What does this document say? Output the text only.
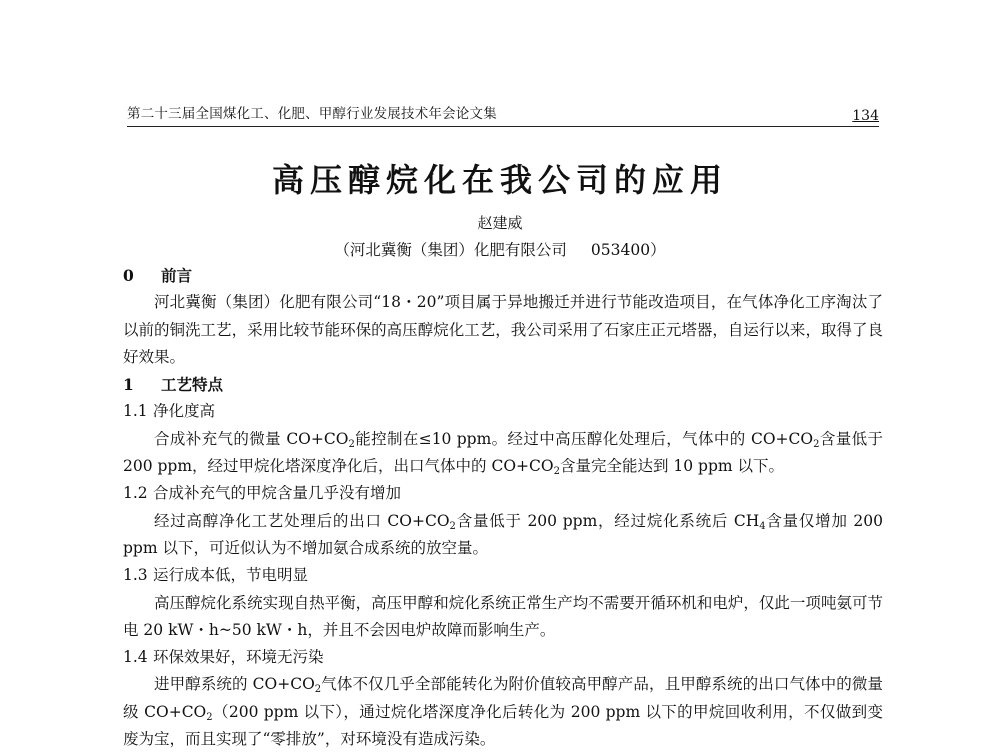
第二十三届全国煤化工、化肥、甲醇行业发展技术年会论文集	134
高压醇烷化在我公司的应用
赵建威
（河北冀衡（集团）化肥有限公司 053400）
0 前言
河北冀衡（集团）化肥有限公司“18・20”项目属于异地搬迁并进行节能改造项目，在气体净化工序淘汰了以前的铜洗工艺，采用比较节能环保的高压醇烷化工艺，我公司采用了石家庄正元塔器，自运行以来，取得了良好效果。
1 工艺特点
1.1 净化度高
合成补充气的微量 $CO+CO_2$能控制在≤10 ppm。经过中高压醇化处理后，气体中的 $CO+CO_2$含量低于 200 ppm，经过甲烷化塔深度净化后，出口气体中的 $CO+CO_2$含量完全能达到 10 ppm 以下。
1.2 合成补充气的甲烷含量几乎没有增加
经过高醇净化工艺处理后的出口 $CO+CO_2$含量低于 200 ppm，经过烷化系统后 $CH_4$含量仅增加 200 ppm 以下，可近似认为不增加氨合成系统的放空量。
1.3 运行成本低，节电明显
高压醇烷化系统实现自热平衡，高压甲醇和烷化系统正常生产均不需要开循环机和电炉，仅此一项吨氨可节电 20 kW・h~50 kW・h，并且不会因电炉故障而影响生产。
1.4 环保效果好，环境无污染
进甲醇系统的 $CO+CO_2$气体不仅几乎全部能转化为附价值较高甲醇产品，且甲醇系统的出口气体中的微量级 $CO+CO_2(200$ ppm 以下），通过烷化塔深度净化后转化为 200 ppm 以下的甲烷回收利用，不仅做到变废为宝，而且实现了“零排放”，对环境没有造成污染。
